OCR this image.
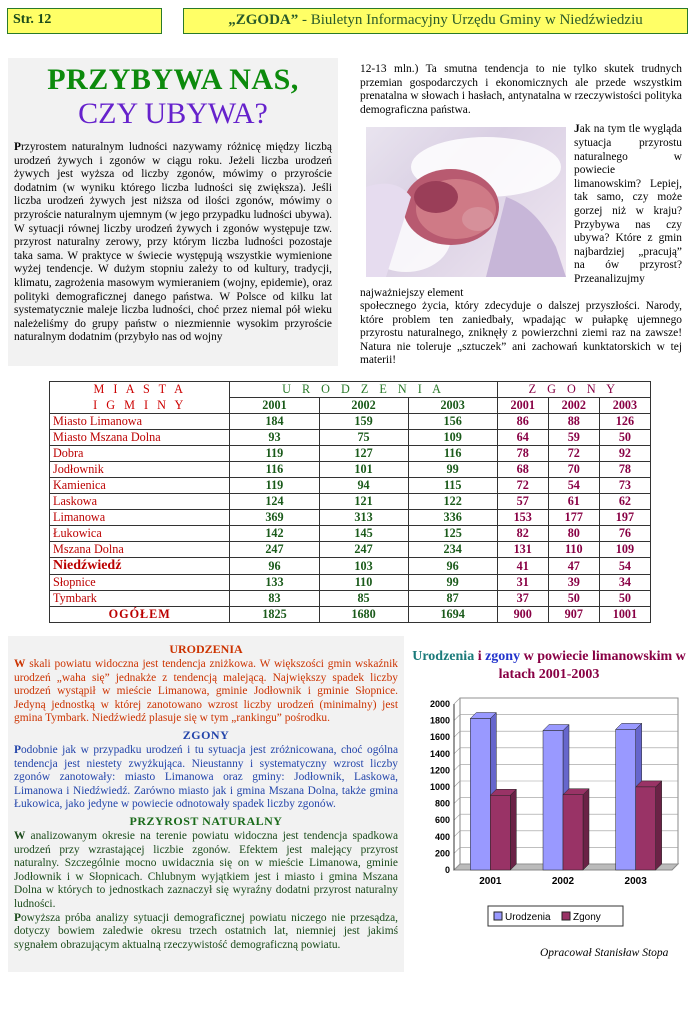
Str. 12	„ZGODA” - Biuletyn Informacyjny Urzędu Gminy w Niedźwiedziu
PRZYBYWA NAS,
CZY UBYWA?

Przyrostem naturalnym ludności nazywamy różnicę między liczbą urodzeń żywych i zgonów w ciągu roku. Jeżeli liczba urodzeń żywych jest wyższa od liczby zgonów, mówimy o przyroście dodatnim (w wyniku którego liczba ludności się zwiększa). Jeśli liczba urodzeń żywych jest niższa od ilości zgonów, mówimy o przyroście naturalnym ujemnym (w jego przypadku ludności ubywa). W sytuacji równej liczby urodzeń żywych i zgonów występuje tzw. przyrost naturalny zerowy, przy którym liczba ludności pozostaje taka sama. W praktyce w świecie występują wszystkie wymienione wyżej tendencje. W dużym stopniu zależy to od kultury, tradycji, klimatu, zagrożenia masowym wymieraniem (wojny, epidemie), oraz polityki demograficznej danego państwa. W Polsce od kilku lat systematycznie maleje liczba ludności, choć przez niemal pół wieku należeliśmy do grupy państw o niezmiennie wysokim przyroście naturalnym dodatnim (przybyło nas od wojny

12-13 mln.) Ta smutna tendencja to nie tylko skutek trudnych przemian gospodarczych i ekonomicznych ale przede wszystkim prenatalna w słowach i hasłach, antynatalna w rzeczywistości polityka demograficzna państwa.

Jak na tym tle wygląda sytuacja przyrostu naturalnego w powiecie limanowskim? Lepiej, tak samo, czy może gorzej niż w kraju? Przybywa nas czy ubywa? Które z gmin najbardziej „pracują” na ów przyrost? Przeanalizujmy najważniejszy element

społecznego życia, który zdecyduje o dalszej przyszłości. Narody, które problem ten zaniedbały, wpadając w pułapkę ujemnego przyrostu naturalnego, zniknęły z powierzchni ziemi raz na zawsze! Natura nie toleruje „sztuczek” ani zachowań kunktatorskich w tej materii!

M I A S T A	U R O D Z E N I A			Z G O N Y		
I G M I N Y	2001	2002	2003	2001	2002	2003
Miasto Limanowa	184	159	156	86	88	126
Miasto Mszana Dolna	93	75	109	64	59	50
Dobra	119	127	116	78	72	92
Jodłownik	116	101	99	68	70	78
Kamienica	119	94	115	72	54	73
Laskowa	124	121	122	57	61	62
Limanowa	369	313	336	153	177	197
Łukowica	142	145	125	82	80	76
Mszana Dolna	247	247	234	131	110	109
Niedźwiedź	96	103	96	41	47	54
Słopnice	133	110	99	31	39	34
Tymbark	83	85	87	37	50	50
OGÓŁEM	1825	1680	1694	900	907	1001
URODZENIA

W skali powiatu widoczna jest tendencja zniżkowa. W większości gmin wskaźnik urodzeń „waha się” jednakże z tendencją malejącą. Największy spadek liczby urodzeń wystąpił w mieście Limanowa, gminie Jodłownik i gminie Słopnice. Jedyną jednostką w której zanotowano wzrost liczby urodzeń (minimalny) jest gmina Tymbark. Niedźwiedź plasuje się w tym „rankingu” pośrodku.

ZGONY

Podobnie jak w przypadku urodzeń i tu sytuacja jest zróżnicowana, choć ogólna tendencja jest niestety zwyżkująca. Nieustanny i systematyczny wzrost liczby zgonów zanotowały: miasto Limanowa oraz gminy: Jodłownik, Laskowa, Limanowa i Niedźwiedź. Zarówno miasto jak i gmina Mszana Dolna, także gmina Łukowica, jako jedyne w powiecie odnotowały spadek liczby zgonów.

PRZYROST NATURALNY

W analizowanym okresie na terenie powiatu widoczna jest tendencja spadkowa urodzeń przy wzrastającej liczbie zgonów. Efektem jest malejący przyrost naturalny. Szczególnie mocno uwidacznia się on w mieście Limanowa, gminie Jodłownik i w Słopnicach. Chlubnym wyjątkiem jest i miasto i gmina Mszana Dolna w których to jednostkach zaznaczył się wyraźny dodatni przyrost naturalny ludności.

Powyższa próba analizy sytuacji demograficznej powiatu niczego nie przesądza, dotyczy bowiem zaledwie okresu trzech ostatnich lat, niemniej jest jakimś sygnałem obrazującym aktualną rzeczywistość demograficzną powiatu.

Urodzenia i zgony w powiecie limanowskim w latach 2001-2003
0
200
400
600
800
1000
1200
1400
1600
1800
2000
2001	2002	2003
Urodzenia Zgony
Opracował Stanisław Stopa
